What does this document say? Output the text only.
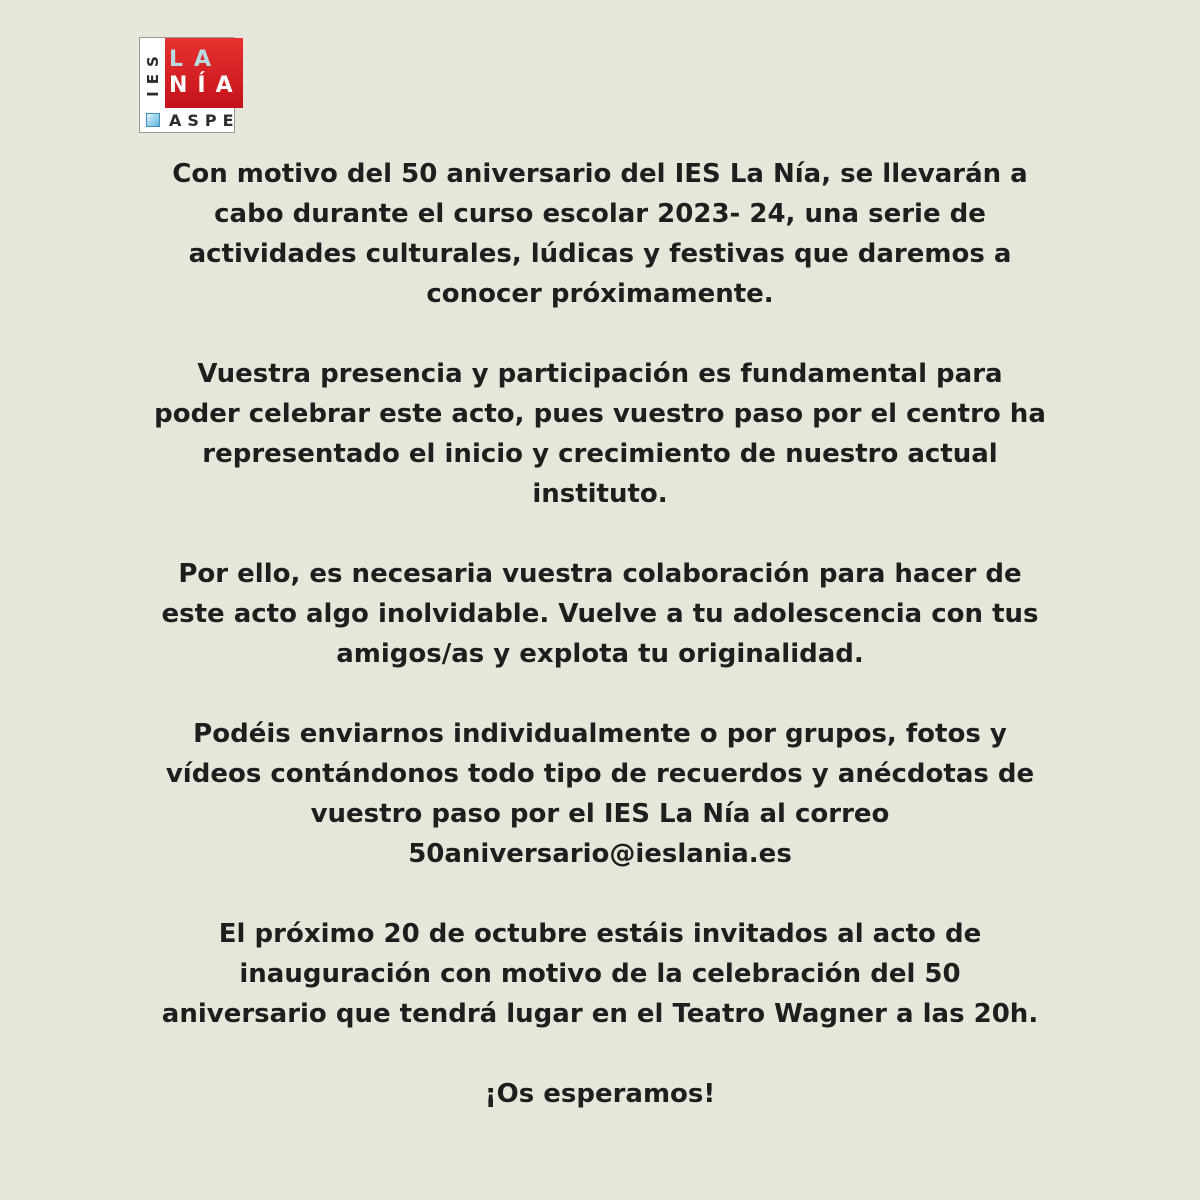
IES LA
NÍA
ASPE

Con motivo del 50 aniversario del IES La Nía, se llevarán a
cabo durante el curso escolar 2023- 24, una serie de
actividades culturales, lúdicas y festivas que daremos a
conocer próximamente.

Vuestra presencia y participación es fundamental para
poder celebrar este acto, pues vuestro paso por el centro ha
representado el inicio y crecimiento de nuestro actual
instituto.

Por ello, es necesaria vuestra colaboración para hacer de
este acto algo inolvidable. Vuelve a tu adolescencia con tus
amigos/as y explota tu originalidad.

Podéis enviarnos individualmente o por grupos, fotos y
vídeos contándonos todo tipo de recuerdos y anécdotas de
vuestro paso por el IES La Nía al correo
50aniversario@ieslania.es

El próximo 20 de octubre estáis invitados al acto de
inauguración con motivo de la celebración del 50
aniversario que tendrá lugar en el Teatro Wagner a las 20h.

¡Os esperamos!
